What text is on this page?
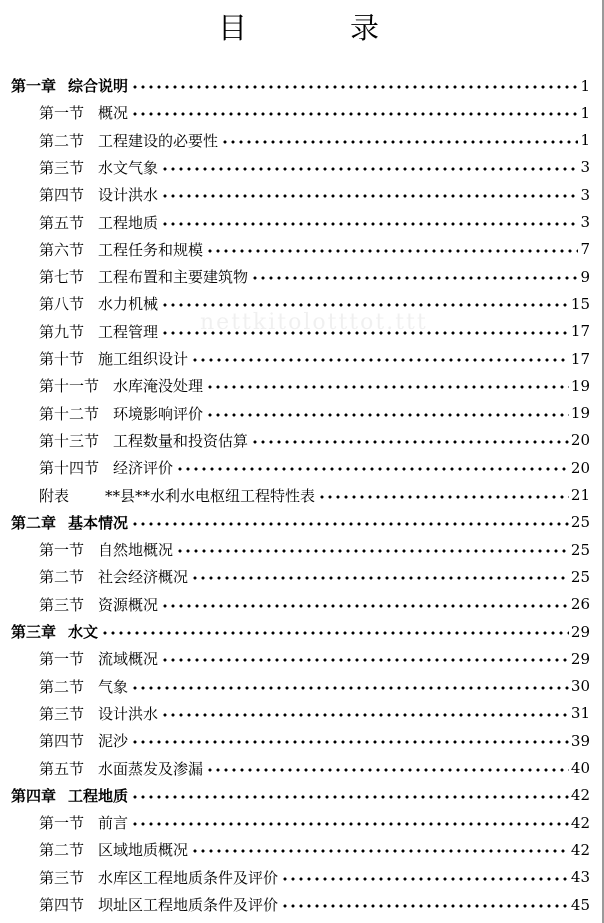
目	录
nettkitolotttot.ttt
第一章 综合说明	1
第一节 概况	1
第二节 工程建设的必要性	1
第三节 水文气象	3
第四节 设计洪水	3
第五节 工程地质	3
第六节 工程任务和规模	7
第七节 工程布置和主要建筑物	9
第八节 水力机械	15
第九节 工程管理	17
第十节 施工组织设计	17
第十一节 水库淹没处理	19
第十二节 环境影响评价	19
第十三节 工程数量和投资估算	20
第十四节 经济评价	20
附表 **县**水利水电枢纽工程特性表	21
第二章 基本情况	25
第一节 自然地概况	25
第二节 社会经济概况	25
第三节 资源概况	26
第三章 水文	29
第一节 流域概况	29
第二节 气象	30
第三节 设计洪水	31
第四节 泥沙	39
第五节 水面蒸发及渗漏	40
第四章 工程地质	42
第一节 前言	42
第二节 区域地质概况	42
第三节 水库区工程地质条件及评价	43
第四节 坝址区工程地质条件及评价	45
